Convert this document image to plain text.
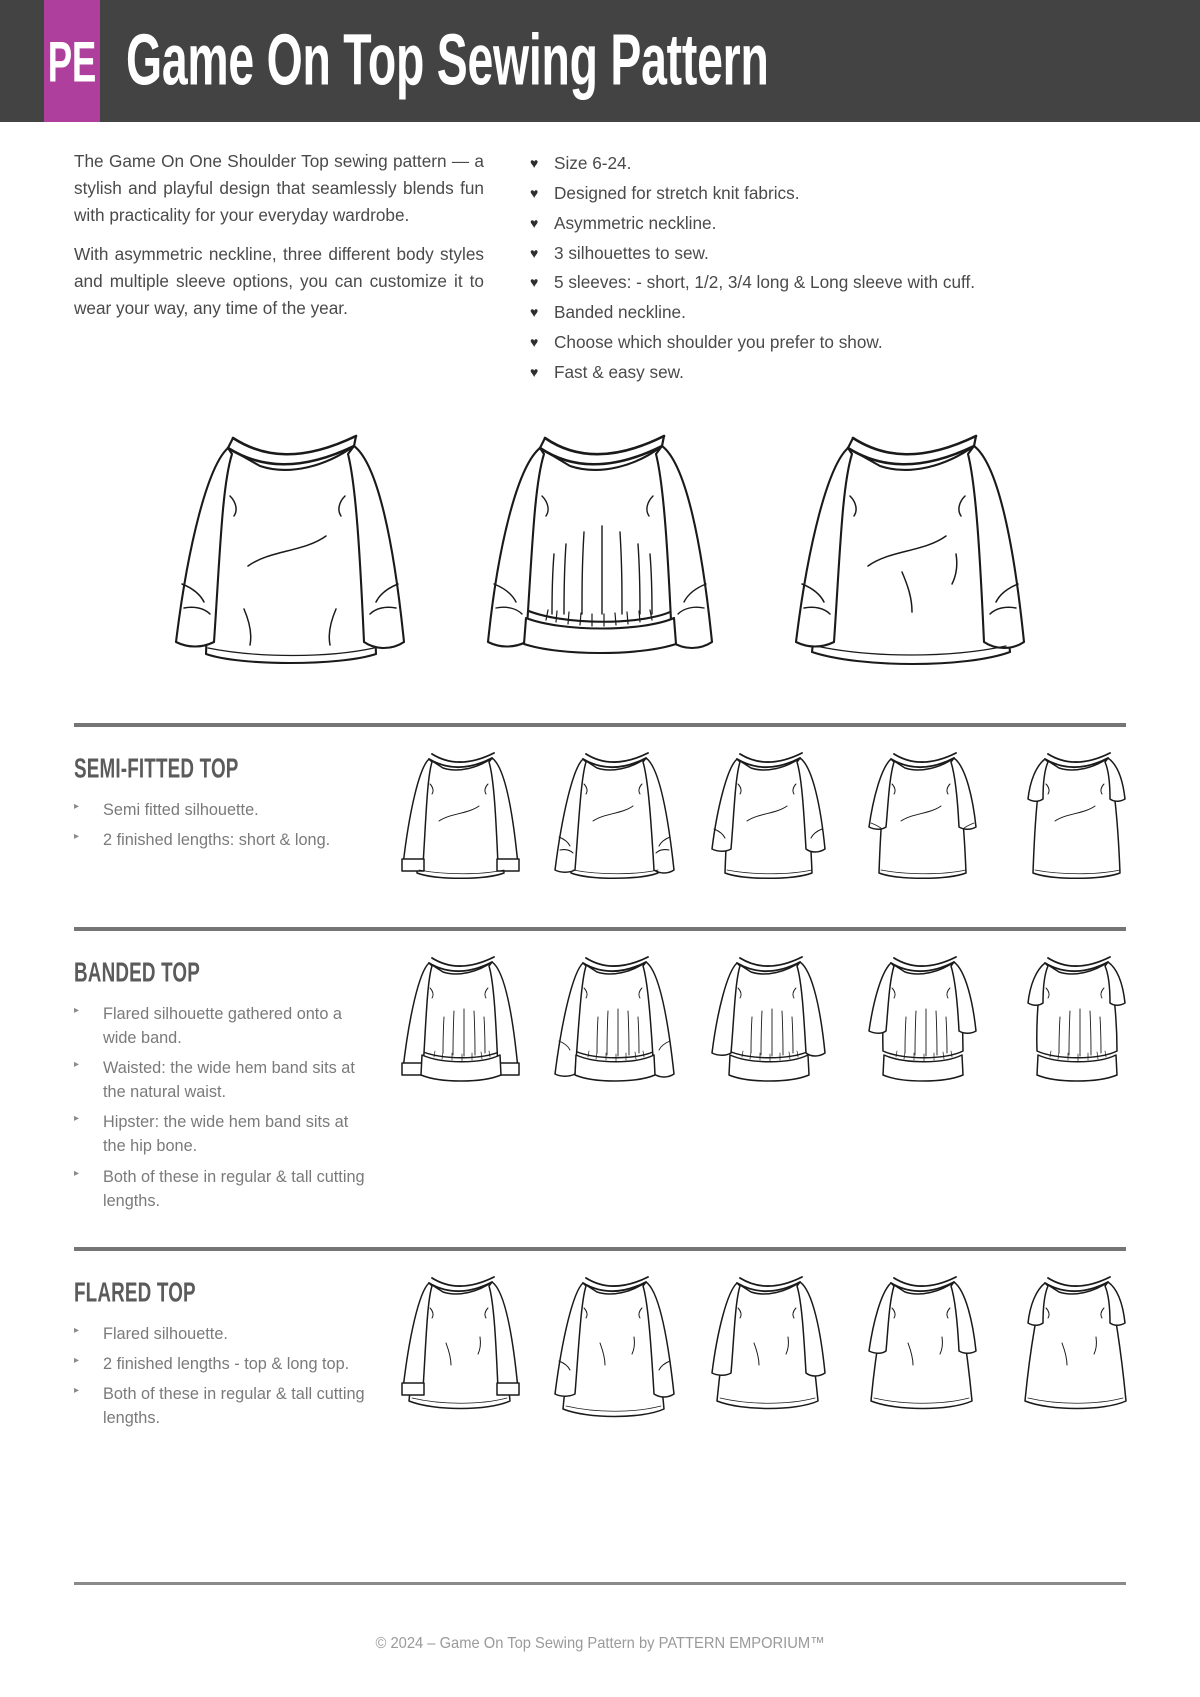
PE Game On Top Sewing Pattern

The Game On One Shoulder Top sewing pattern — a stylish and playful design that seamlessly blends fun with practicality for your everyday wardrobe.

With asymmetric neckline, three different body styles and multiple sleeve options, you can customize it to wear your way, any time of the year.

♥ Size 6-24.
♥ Designed for stretch knit fabrics.
♥ Asymmetric neckline.
♥ 3 silhouettes to sew.
♥ 5 sleeves: - short, 1/2, 3/4 long & Long sleeve with cuff.
♥ Banded neckline.
♥ Choose which shoulder you prefer to show.
♥ Fast & easy sew.
SEMI-FITTED TOP
▸	Semi fitted silhouette.
▸	2 finished lengths: short & long.
BANDED TOP
▸	Flared silhouette gathered onto a wide band.
▸	Waisted: the wide hem band sits at the natural waist.
▸	Hipster: the wide hem band sits at the hip bone.
▸	Both of these in regular & tall cutting lengths.
FLARED TOP
▸	Flared silhouette.
▸	2 finished lengths - top & long top.
▸	Both of these in regular & tall cutting lengths.
© 2024 – Game On Top Sewing Pattern by PATTERN EMPORIUM™
